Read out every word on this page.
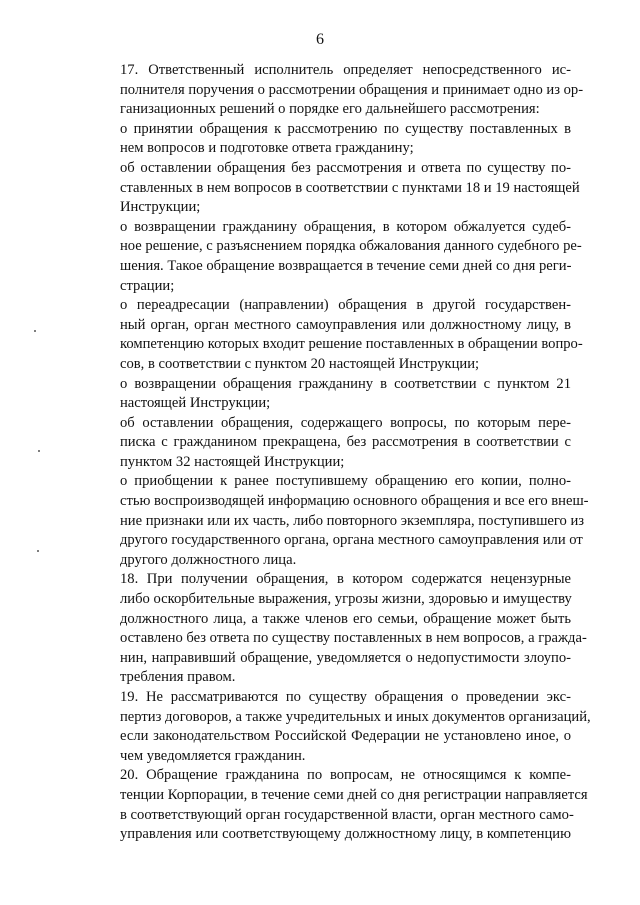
6

17. Ответственный исполнитель определяет непосредственного ис-
полнителя поручения о рассмотрении обращения и принимает одно из ор-
ганизационных решений о порядке его дальнейшего рассмотрения:

о принятии обращения к рассмотрению по существу поставленных в
нем вопросов и подготовке ответа гражданину;

об оставлении обращения без рассмотрения и ответа по существу по-
ставленных в нем вопросов в соответствии с пунктами 18 и 19 настоящей
Инструкции;

о возвращении гражданину обращения, в котором обжалуется судеб-
ное решение, с разъяснением порядка обжалования данного судебного ре-
шения. Такое обращение возвращается в течение семи дней со дня реги-
страции;

о переадресации (направлении) обращения в другой государствен-
ный орган, орган местного самоуправления или должностному лицу, в
компетенцию которых входит решение поставленных в обращении вопро-
сов, в соответствии с пунктом 20 настоящей Инструкции;

о возвращении обращения гражданину в соответствии с пунктом 21
настоящей Инструкции;

об оставлении обращения, содержащего вопросы, по которым пере-
писка с гражданином прекращена, без рассмотрения в соответствии с
пунктом 32 настоящей Инструкции;

о приобщении к ранее поступившему обращению его копии, полно-
стью воспроизводящей информацию основного обращения и все его внеш-
ние признаки или их часть, либо повторного экземпляра, поступившего из
другого государственного органа, органа местного самоуправления или от
другого должностного лица.

18. При получении обращения, в котором содержатся нецензурные
либо оскорбительные выражения, угрозы жизни, здоровью и имуществу
должностного лица, а также членов его семьи, обращение может быть
оставлено без ответа по существу поставленных в нем вопросов, а гражда-
нин, направивший обращение, уведомляется о недопустимости злоупо-
требления правом.

19. Не рассматриваются по существу обращения о проведении экс-
пертиз договоров, а также учредительных и иных документов организаций,
если законодательством Российской Федерации не установлено иное, о
чем уведомляется гражданин.

20. Обращение гражданина по вопросам, не относящимся к компе-
тенции Корпорации, в течение семи дней со дня регистрации направляется
в соответствующий орган государственной власти, орган местного само-
управления или соответствующему должностному лицу, в компетенцию
